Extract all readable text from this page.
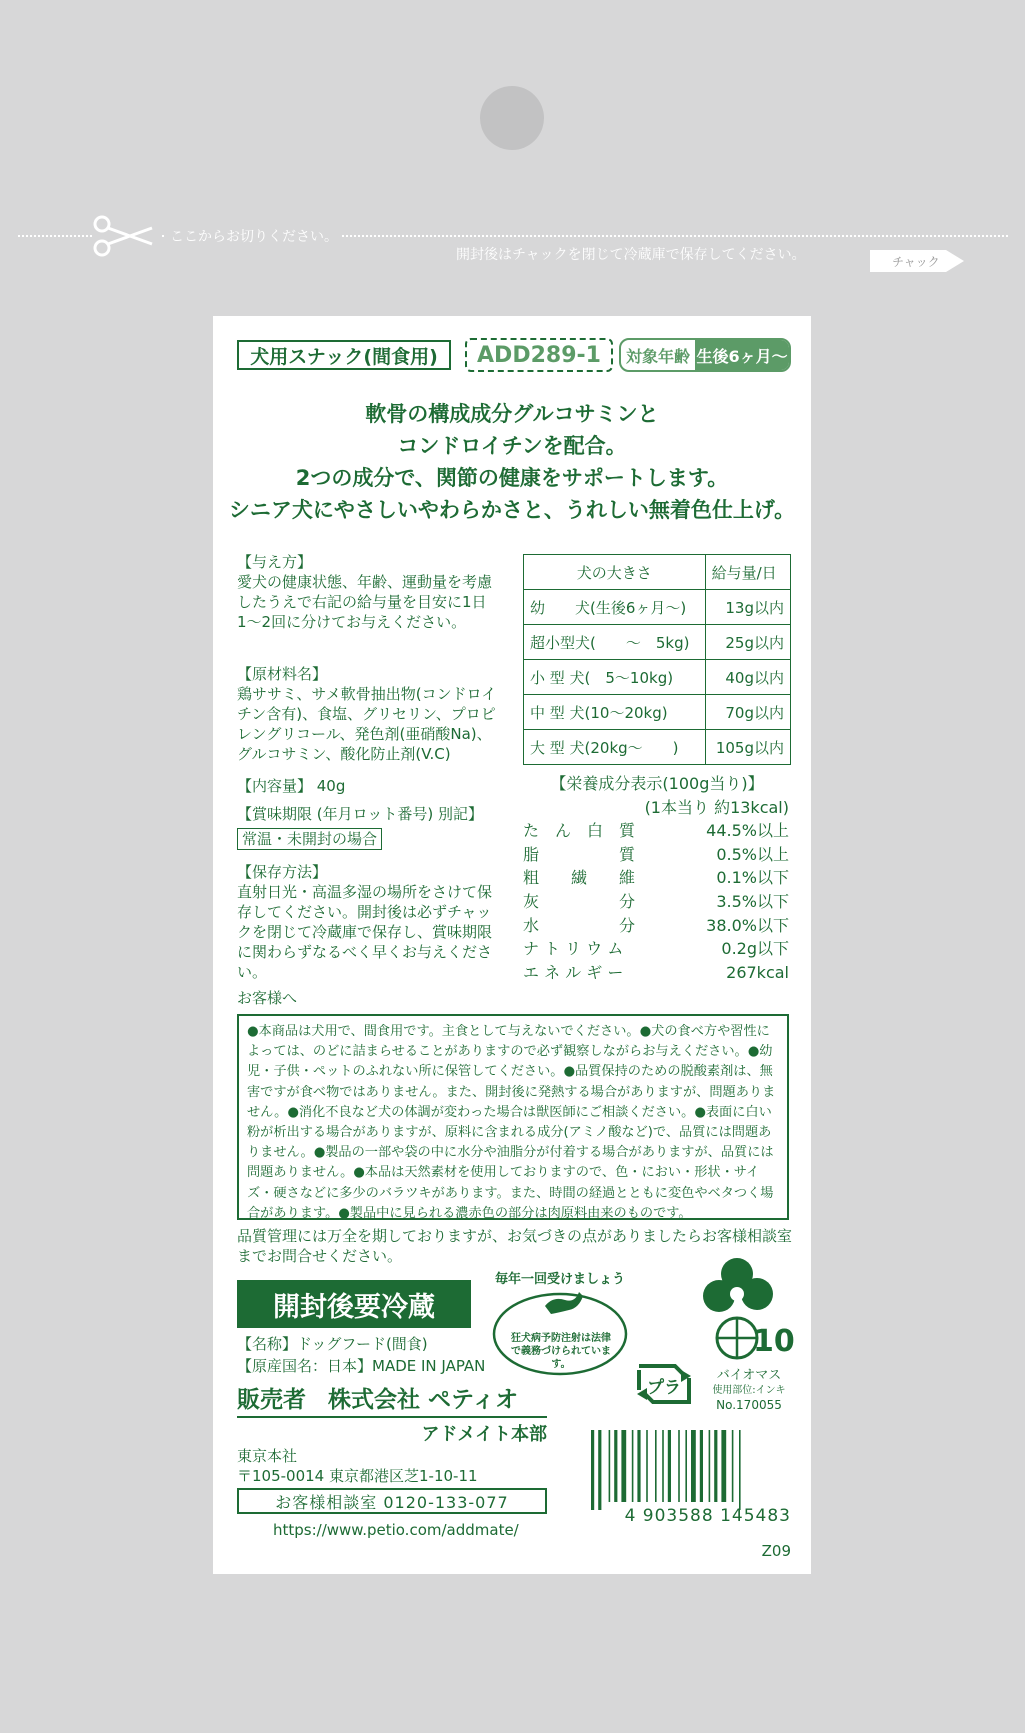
ここからお切りください。
開封後はチャックを閉じて冷蔵庫で保存してください。	チャック
犬用スナック(間食用)	ADD289-1	対象年齢 生後6ヶ月〜
軟骨の構成成分グルコサミンと
コンドロイチンを配合。
2つの成分で、関節の健康をサポートします。
シニア犬にやさしいやわらかさと、うれしい無着色仕上げ。
【与え方】
愛犬の健康状態、年齢、運動量を考慮したうえで右記の給与量を目安に1日1〜2回に分けてお与えください。
【原材料名】
鶏ササミ、サメ軟骨抽出物(コンドロイチン含有)、食塩、グリセリン、プロピレングリコール、発色剤(亜硝酸Na)、グルコサミン、酸化防止剤(V.C)
【内容量】 40g
【賞味期限 (年月ロット番号) 別記】
常温・未開封の場合
【保存方法】
直射日光・高温多湿の場所をさけて保存してください。開封後は必ずチャックを閉じて冷蔵庫で保存し、賞味期限に関わらずなるべく早くお与えください。
お客様へ
犬の大きさ	給与量/日
幼　　犬(生後6ヶ月〜)	13g以内
超小型犬(　　〜　5kg)	25g以内
小 型 犬(　5〜10kg)	40g以内
中 型 犬(10〜20kg)	70g以内
大 型 犬(20kg〜　　)	105g以内
【栄養成分表示(100g当り)】
(1本当り 約13kcal)
た　ん　白　質	44.5%以上
脂　　　　　質	0.5%以上
粗　　繊　　維	0.1%以下
灰　　　　　分	3.5%以下
水　　　　　分	38.0%以下
ナ ト リ ウ ム	0.2g以下
エ ネ ル ギ ー	267kcal
●本商品は犬用で、間食用です。主食として与えないでください。●犬の食べ方や習性によっては、のどに詰まらせることがありますので必ず観察しながらお与えください。●幼児・子供・ペットのふれない所に保管してください。●品質保持のための脱酸素剤は、無害ですが食べ物ではありません。また、開封後に発熱する場合がありますが、問題ありません。●消化不良など犬の体調が変わった場合は獣医師にご相談ください。●表面に白い粉が析出する場合がありますが、原料に含まれる成分(アミノ酸など)で、品質には問題ありません。●製品の一部や袋の中に水分や油脂分が付着する場合がありますが、品質には問題ありません。●本品は天然素材を使用しておりますので、色・におい・形状・サイズ・硬さなどに多少のバラツキがあります。また、時間の経過とともに変色やベタつく場合があります。●製品中に見られる濃赤色の部分は肉原料由来のものです。
品質管理には万全を期しておりますが、お気づきの点がありましたらお客様相談室までお問合せください。
開封後要冷蔵
毎年一回受けましょう
狂犬病予防注射は法律で義務づけられています。
プラ
10
バイオマス
使用部位:インキ
No.170055
【名称】ドッグフード(間食)
【原産国名：日本】MADE IN JAPAN
販売者 株式会社 ペティオ
アドメイト本部
東京本社
〒105-0014 東京都港区芝1-10-11
お客様相談室 0120-133-077
https://www.petio.com/addmate/
4 903588 145483
Z09
